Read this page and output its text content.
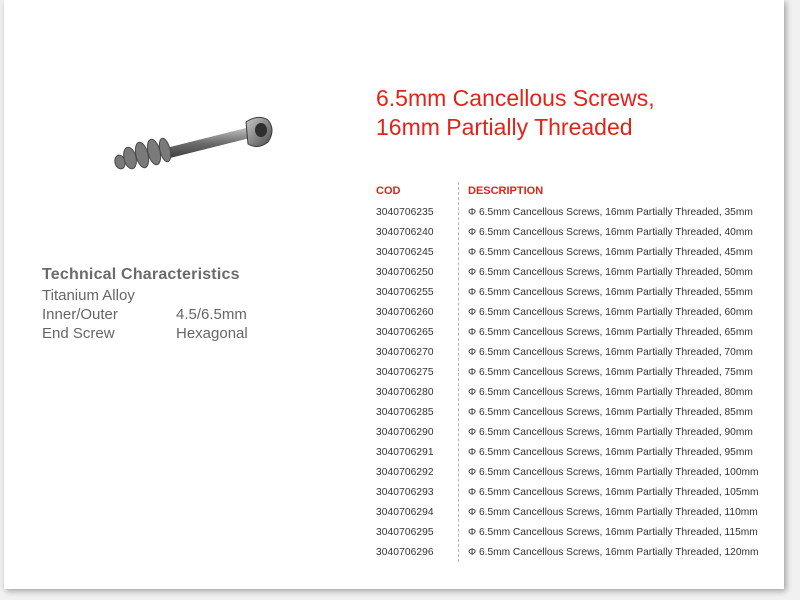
Technical Characteristics
Titanium Alloy
Inner/Outer	4.5/6.5mm
End Screw	Hexagonal
6.5mm Cancellous Screws,
16mm Partially Threaded
COD	DESCRIPTION
3040706235	Φ 6.5mm Cancellous Screws, 16mm Partially Threaded, 35mm
3040706240	Φ 6.5mm Cancellous Screws, 16mm Partially Threaded, 40mm
3040706245	Φ 6.5mm Cancellous Screws, 16mm Partially Threaded, 45mm
3040706250	Φ 6.5mm Cancellous Screws, 16mm Partially Threaded, 50mm
3040706255	Φ 6.5mm Cancellous Screws, 16mm Partially Threaded, 55mm
3040706260	Φ 6.5mm Cancellous Screws, 16mm Partially Threaded, 60mm
3040706265	Φ 6.5mm Cancellous Screws, 16mm Partially Threaded, 65mm
3040706270	Φ 6.5mm Cancellous Screws, 16mm Partially Threaded, 70mm
3040706275	Φ 6.5mm Cancellous Screws, 16mm Partially Threaded, 75mm
3040706280	Φ 6.5mm Cancellous Screws, 16mm Partially Threaded, 80mm
3040706285	Φ 6.5mm Cancellous Screws, 16mm Partially Threaded, 85mm
3040706290	Φ 6.5mm Cancellous Screws, 16mm Partially Threaded, 90mm
3040706291	Φ 6.5mm Cancellous Screws, 16mm Partially Threaded, 95mm
3040706292	Φ 6.5mm Cancellous Screws, 16mm Partially Threaded, 100mm
3040706293	Φ 6.5mm Cancellous Screws, 16mm Partially Threaded, 105mm
3040706294	Φ 6.5mm Cancellous Screws, 16mm Partially Threaded, 110mm
3040706295	Φ 6.5mm Cancellous Screws, 16mm Partially Threaded, 115mm
3040706296	Φ 6.5mm Cancellous Screws, 16mm Partially Threaded, 120mm
